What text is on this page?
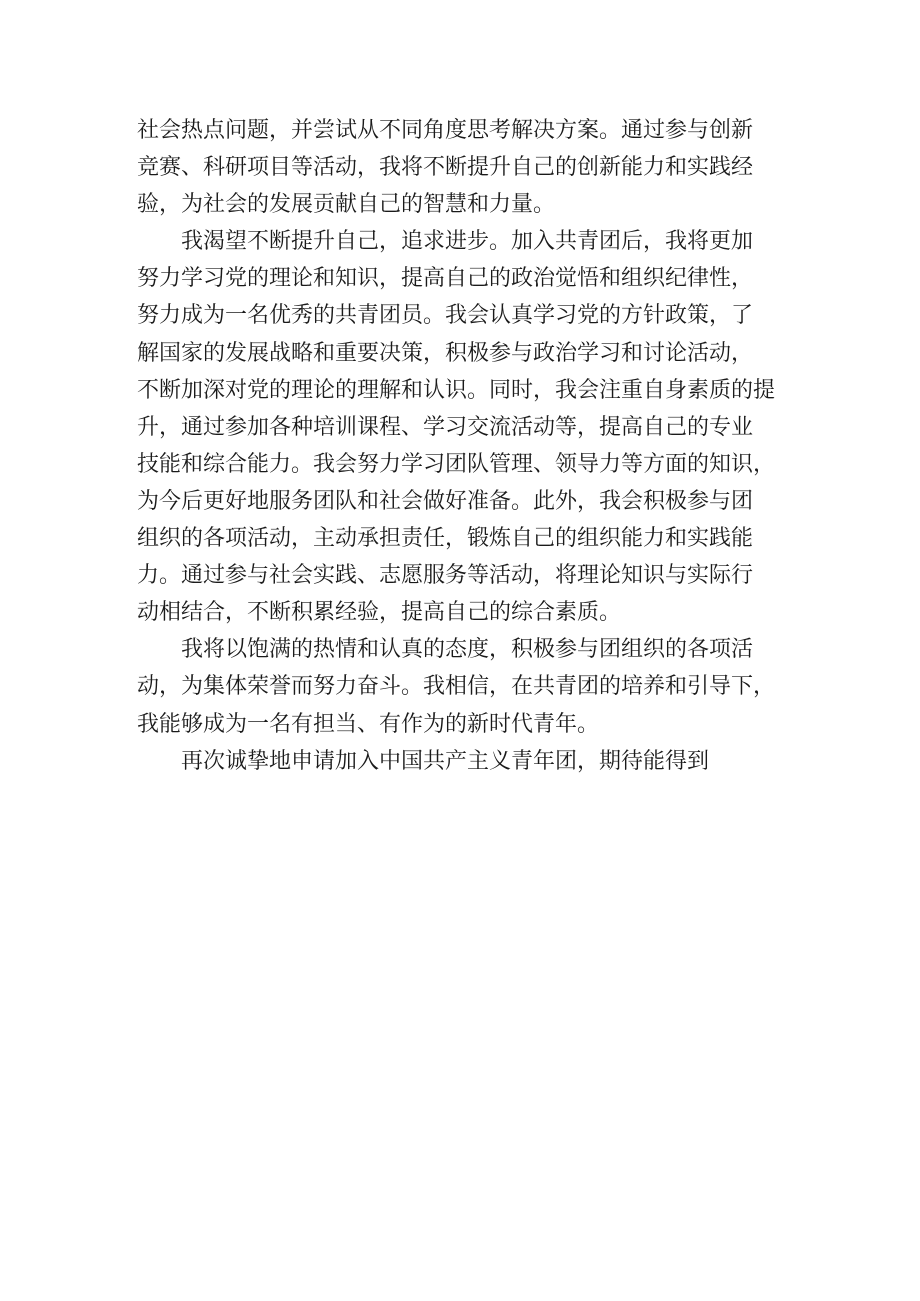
社会热点问题，并尝试从不同角度思考解决方案。通过参与创新
竞赛、科研项目等活动，我将不断提升自己的创新能力和实践经
验，为社会的发展贡献自己的智慧和力量。
我渴望不断提升自己，追求进步。加入共青团后，我将更加
努力学习党的理论和知识，提高自己的政治觉悟和组织纪律性，
努力成为一名优秀的共青团员。我会认真学习党的方针政策，了
解国家的发展战略和重要决策，积极参与政治学习和讨论活动，
不断加深对党的理论的理解和认识。同时，我会注重自身素质的提
升，通过参加各种培训课程、学习交流活动等，提高自己的专业
技能和综合能力。我会努力学习团队管理、领导力等方面的知识，
为今后更好地服务团队和社会做好准备。此外，我会积极参与团
组织的各项活动，主动承担责任，锻炼自己的组织能力和实践能
力。通过参与社会实践、志愿服务等活动，将理论知识与实际行
动相结合，不断积累经验，提高自己的综合素质。
我将以饱满的热情和认真的态度，积极参与团组织的各项活
动，为集体荣誉而努力奋斗。我相信，在共青团的培养和引导下，
我能够成为一名有担当、有作为的新时代青年。
再次诚挚地申请加入中国共产主义青年团，期待能得到
